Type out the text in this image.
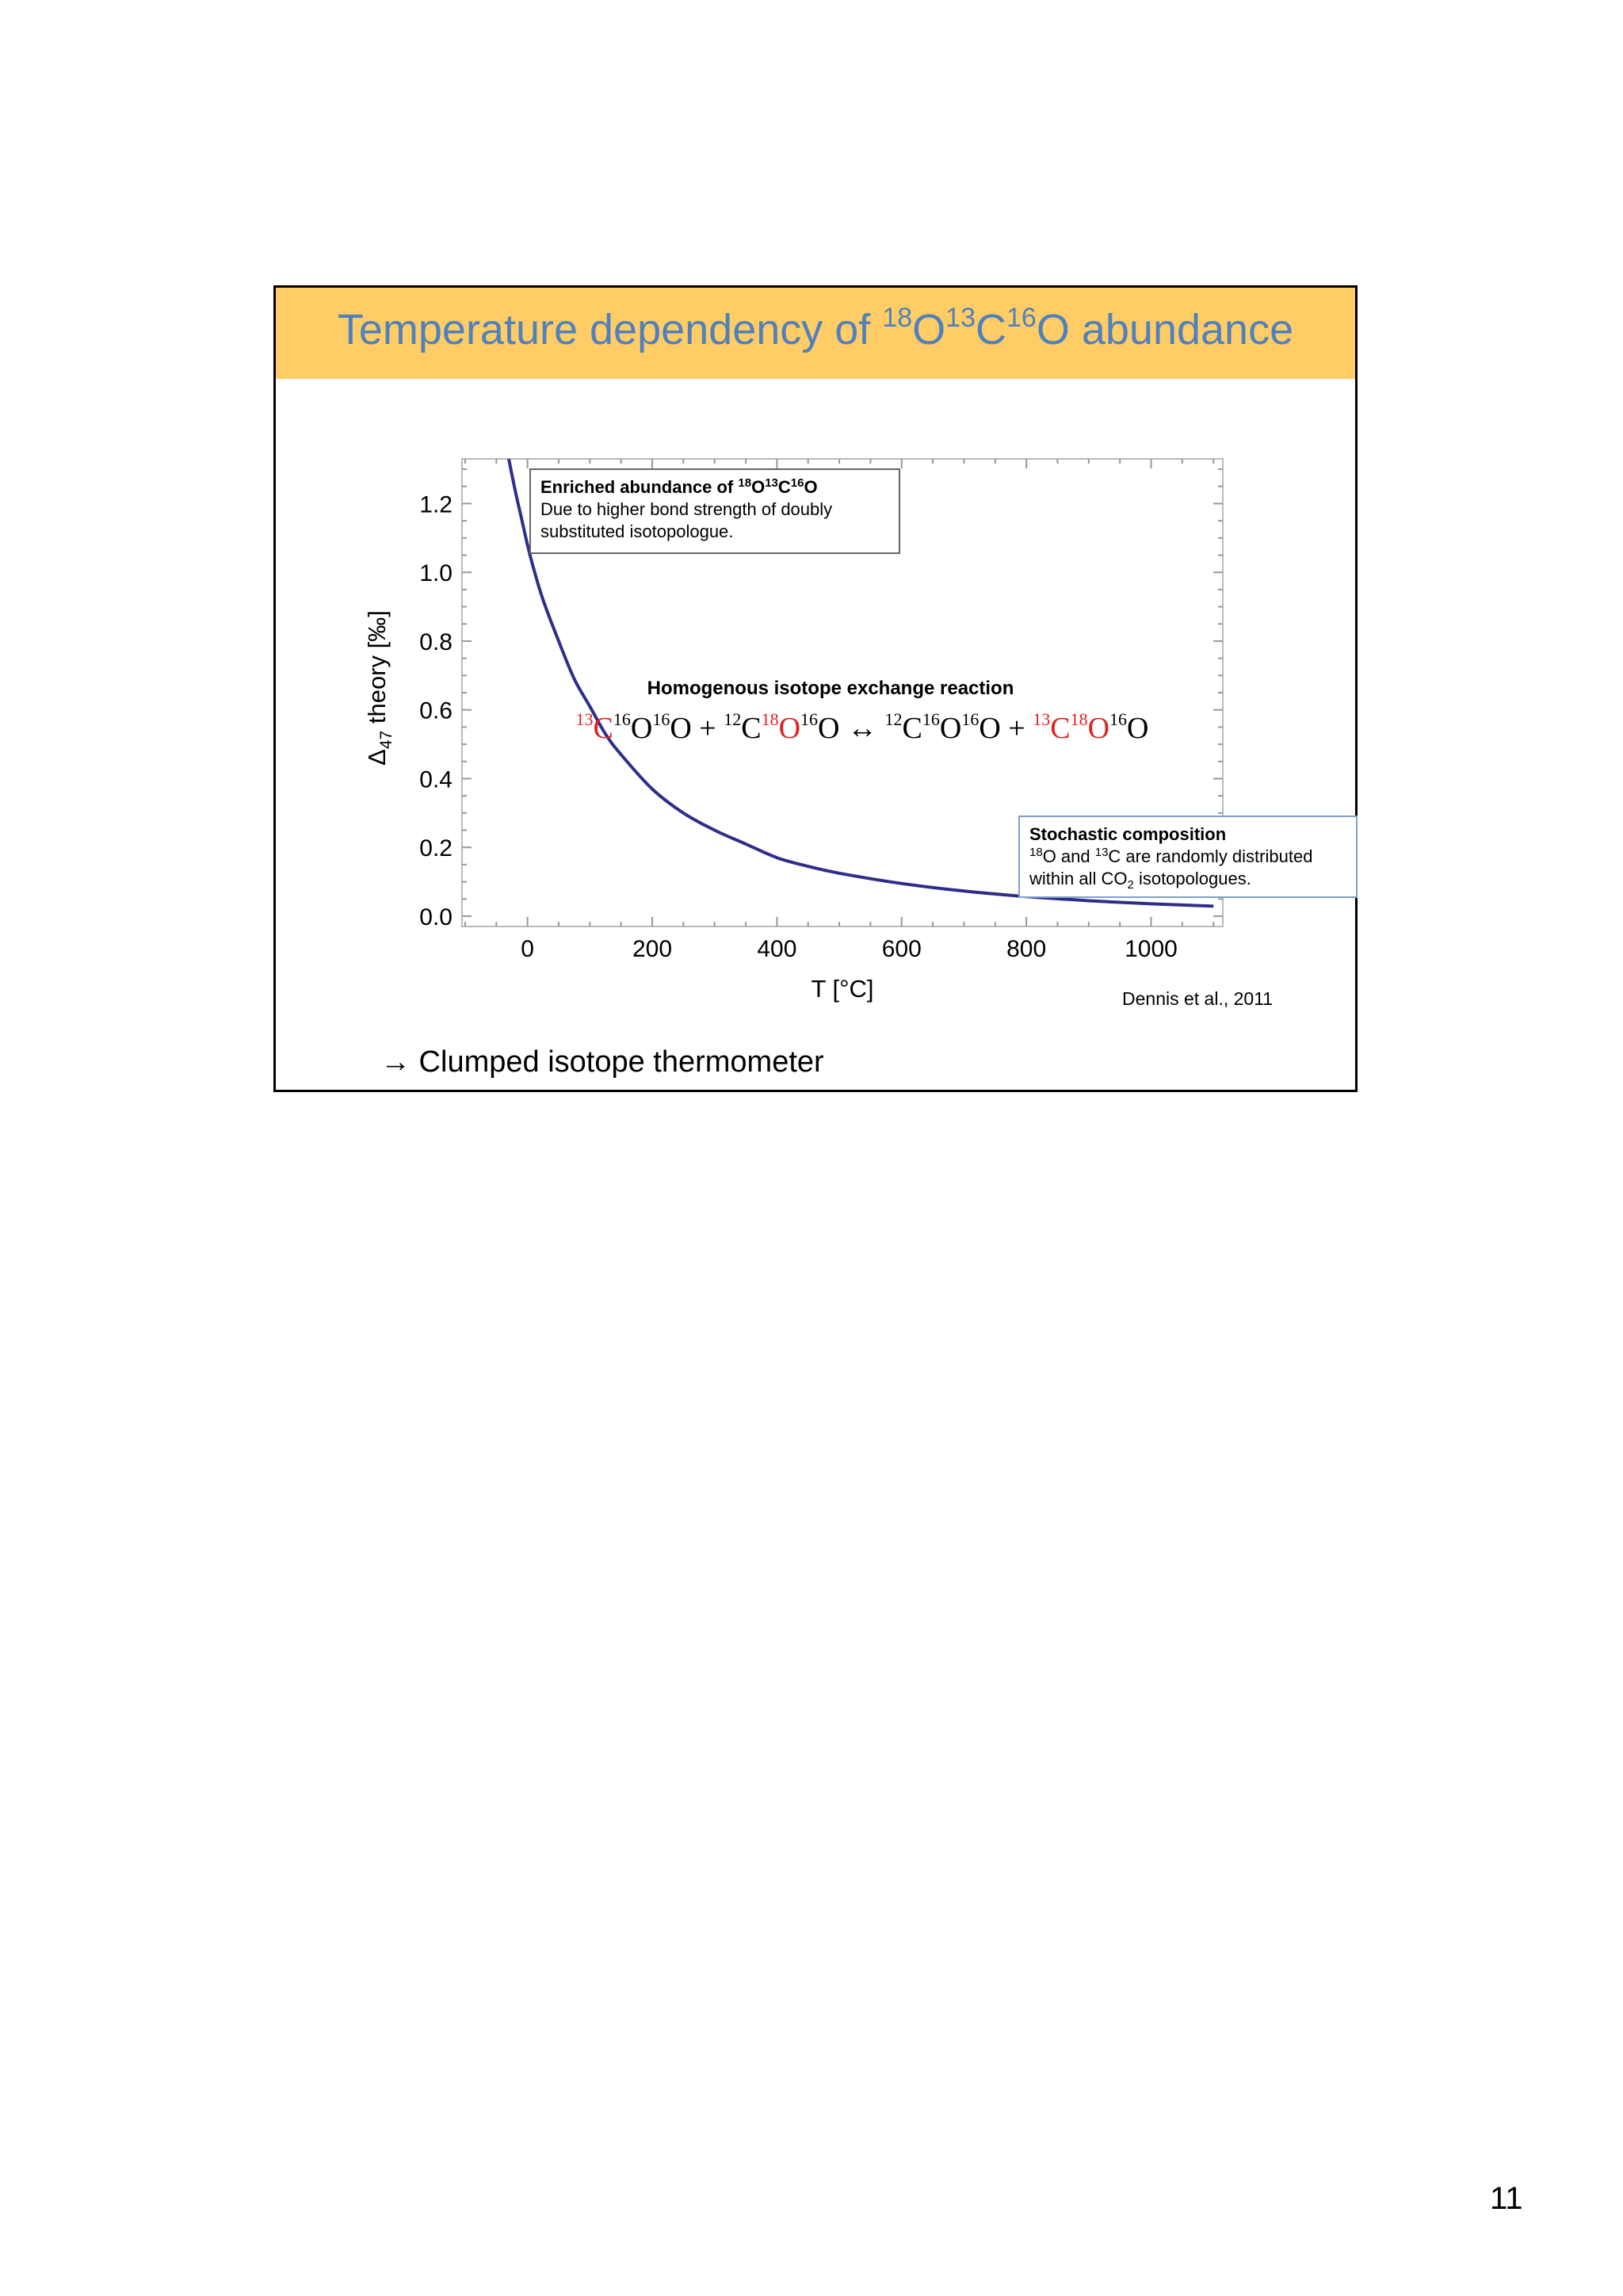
Temperature dependency of $^{18}O^{13}C^{16}O$ abundance
0	200	400	600	800	1000
0.0
0.2
0.4
0.6
0.8
1.0
1.2
T [°C]
$\Delta_{47}$ theory [‰]
Enriched abundance of $^{18}O^{13}C^{16}O$
Due to higher bond strength of doubly
substituted isotopologue.
Homogenous isotope exchange reaction
$^{13}C^{16}O^{16}O + ^{12}C^{18}O^{16}O$ ↔ $^{12}C^{16}O^{16}O + ^{13}C^{18}O^{16}O$
Stochastic composition
$^{18}$O and $^{13}$C are randomly distributed
within all $CO_2$ isotopologues.
Dennis et al., 2011
→ Clumped isotope thermometer
11
